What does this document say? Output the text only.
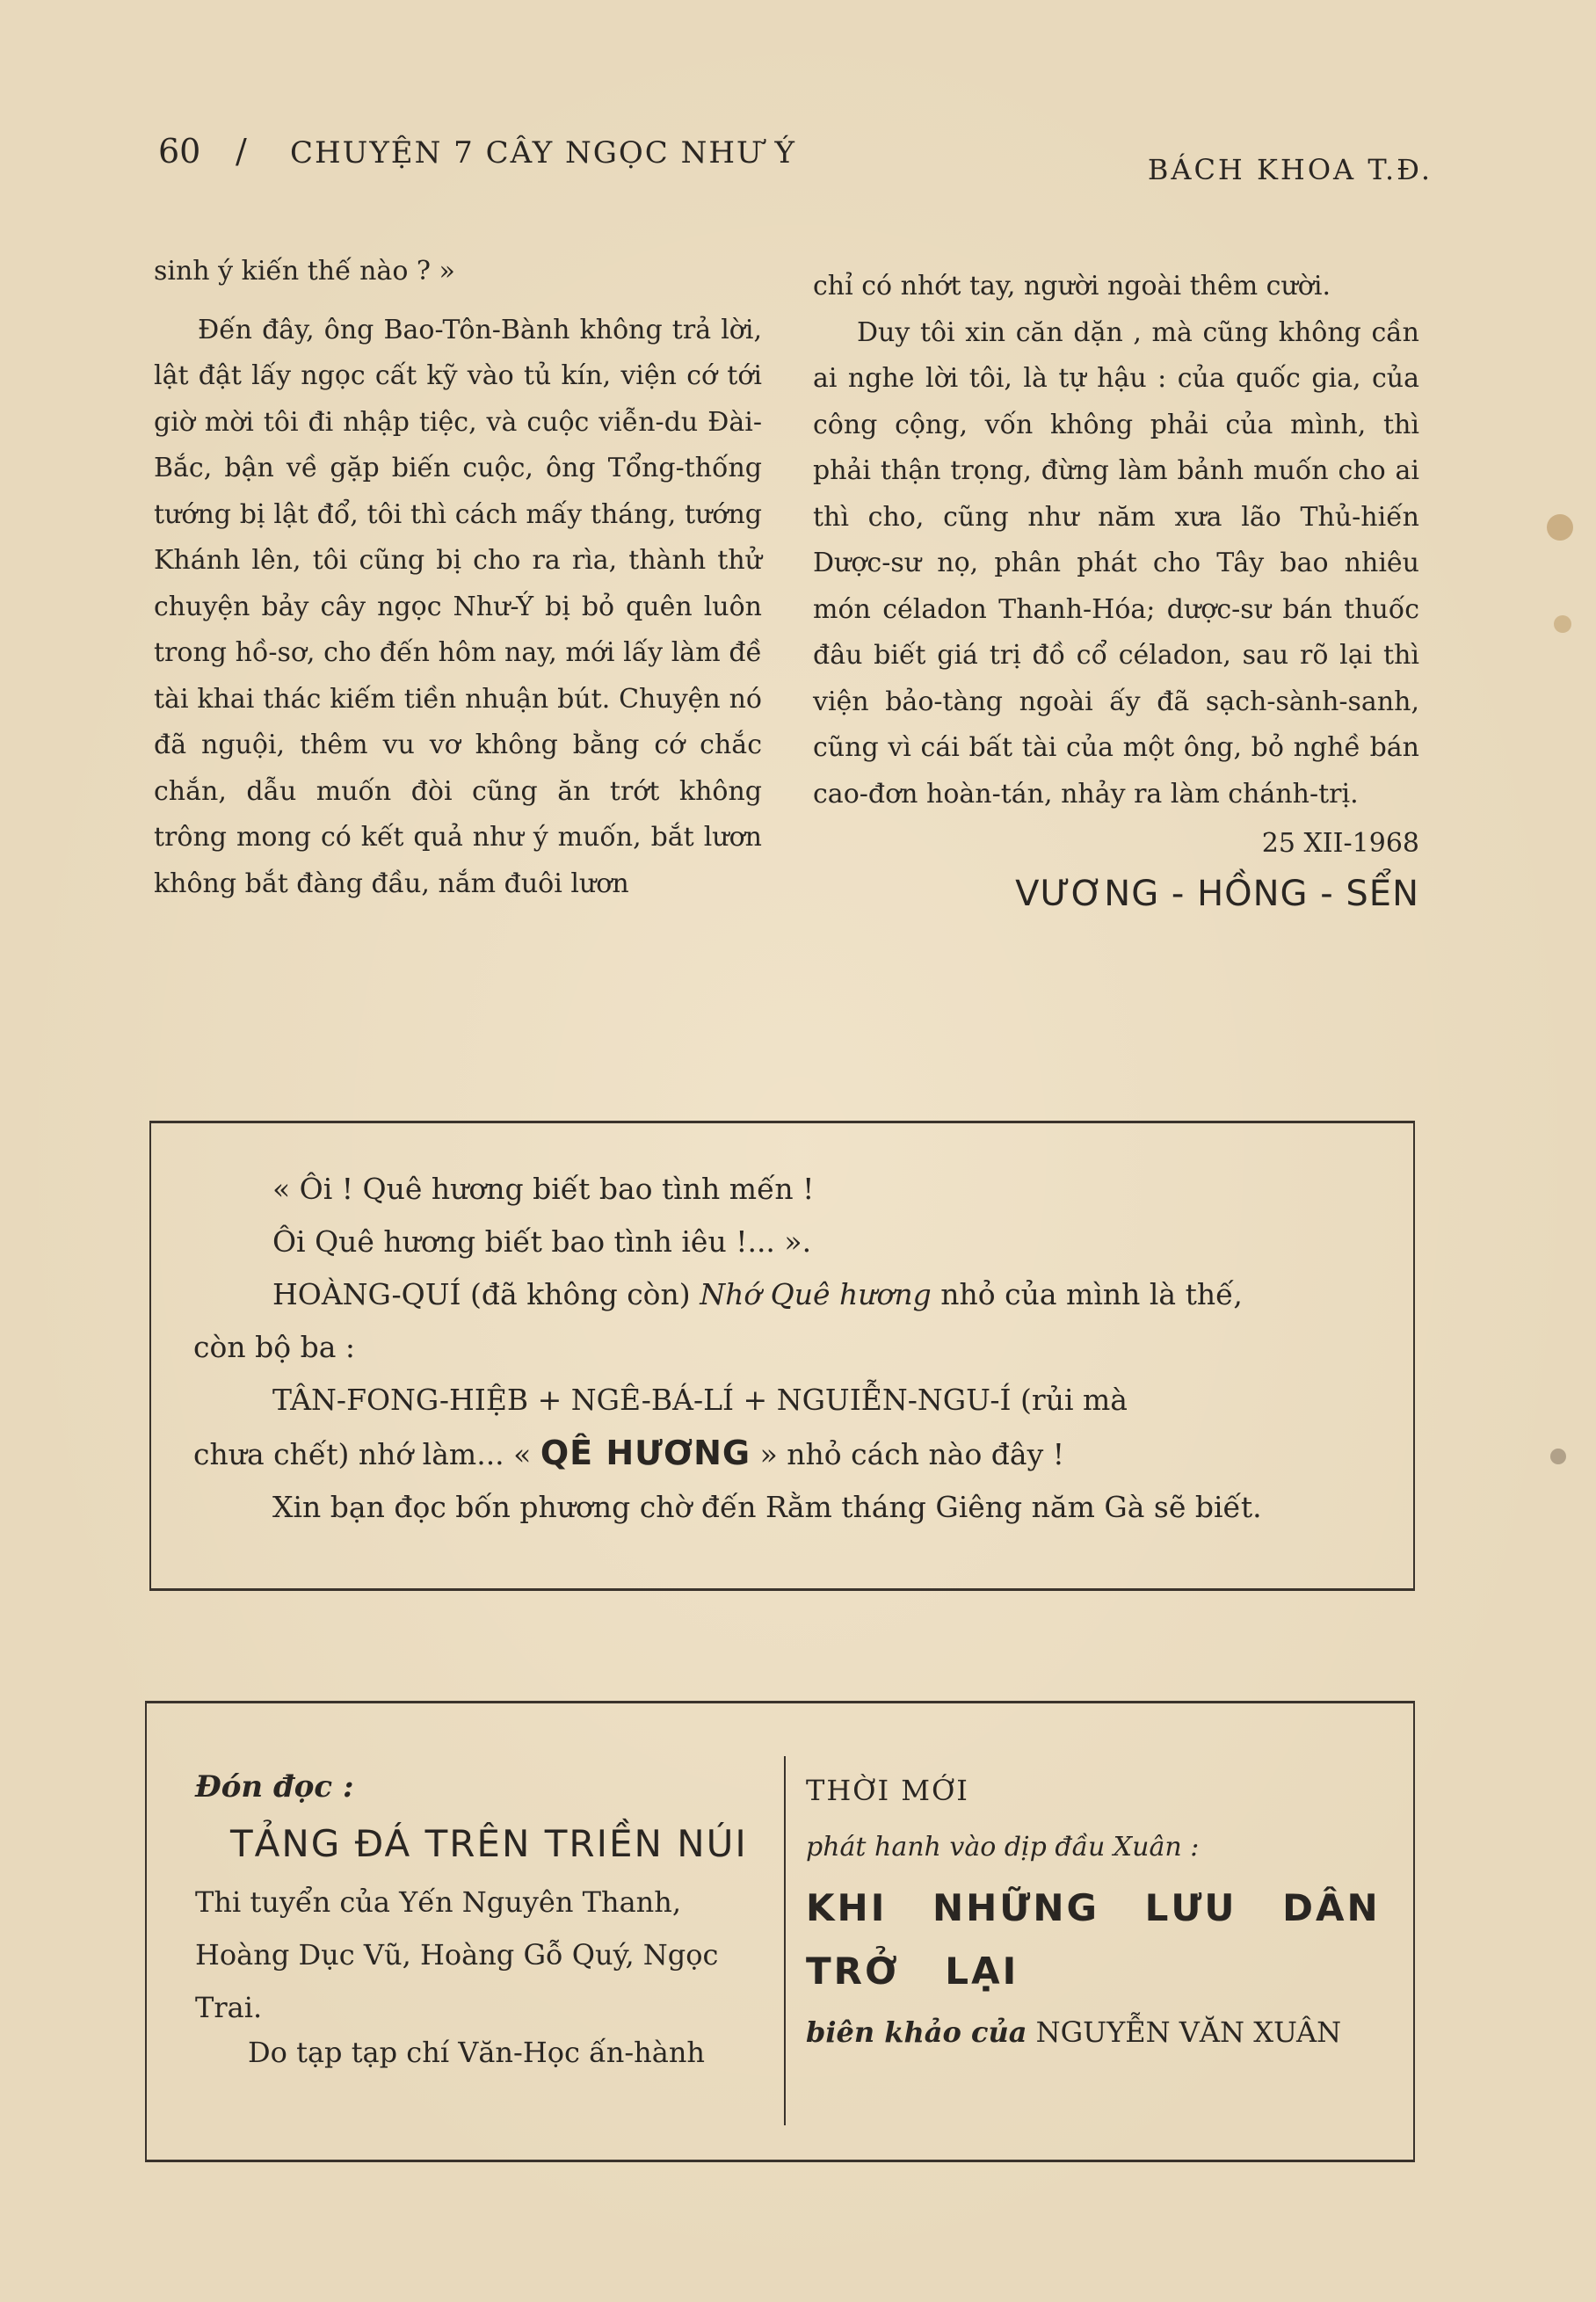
60 / CHUYỆN 7 CÂY NGỌC NHƯ Ý	BÁCH KHOA T.Đ.

sinh ý kiến thế nào ? »

Đến đây, ông Bao-Tôn-Bành không trả lời, lật đật lấy ngọc cất kỹ vào tủ kín, viện cớ tới giờ mời tôi đi nhập tiệc, và cuộc viễn-du Đài-Bắc, bận về gặp biến cuộc, ông Tổng-thống tướng bị lật đổ, tôi thì cách mấy tháng, tướng Khánh lên, tôi cũng bị cho ra rìa, thành thử chuyện bảy cây ngọc Như-Ý bị bỏ quên luôn trong hồ-sơ, cho đến hôm nay, mới lấy làm đề tài khai thác kiếm tiền nhuận bút. Chuyện nó đã nguội, thêm vu vơ không bằng cớ chắc chắn, dẫu muốn đòi cũng ăn trớt không trông mong có kết quả như ý muốn, bắt lươn không bắt đàng đầu, nắm đuôi lươn

chỉ có nhớt tay, người ngoài thêm cười.

Duy tôi xin căn dặn , mà cũng không cần ai nghe lời tôi, là tự hậu : của quốc gia, của công cộng, vốn không phải của mình, thì phải thận trọng, đừng làm bảnh muốn cho ai thì cho, cũng như năm xưa lão Thủ-hiến Dược-sư nọ, phân phát cho Tây bao nhiêu món céladon Thanh-Hóa; dược-sư bán thuốc đâu biết giá trị đồ cổ céladon, sau rõ lại thì viện bảo-tàng ngoài ấy đã sạch-sành-sanh, cũng vì cái bất tài của một ông, bỏ nghề bán cao-đơn hoàn-tán, nhảy ra làm chánh-trị.

25 XII-1968
VƯƠNG - HỒNG - SỂN

« Ôi ! Quê hương biết bao tình mến !

Ôi Quê hương biết bao tình iêu !... ».

HOÀNG-QUÍ (đã không còn) Nhớ Quê hương nhỏ của mình là thế,

còn bộ ba :

TÂN-FONG-HIỆB + NGÊ-BÁ-LÍ + NGUIỄN-NGU-Í (rủi mà

chưa chết) nhớ làm... « QÊ HƯƠNG » nhỏ cách nào đây !

Xin bạn đọc bốn phương chờ đến Rằm tháng Giêng năm Gà sẽ biết.

Đón đọc :
TẢNG ĐÁ TRÊN TRIỀN NÚI
Thi tuyển của Yến Nguyên Thanh, Hoàng Dục Vũ, Hoàng Gỗ Quý, Ngọc Trai.
Do tạp tạp chí Văn-Học ấn-hành
THỜI MỚI
phát hanh vào dịp đầu Xuân :
KHI NHỮNG LƯU DÂN TRỞ LẠI
biên khảo của NGUYỄN VĂN XUÂN
